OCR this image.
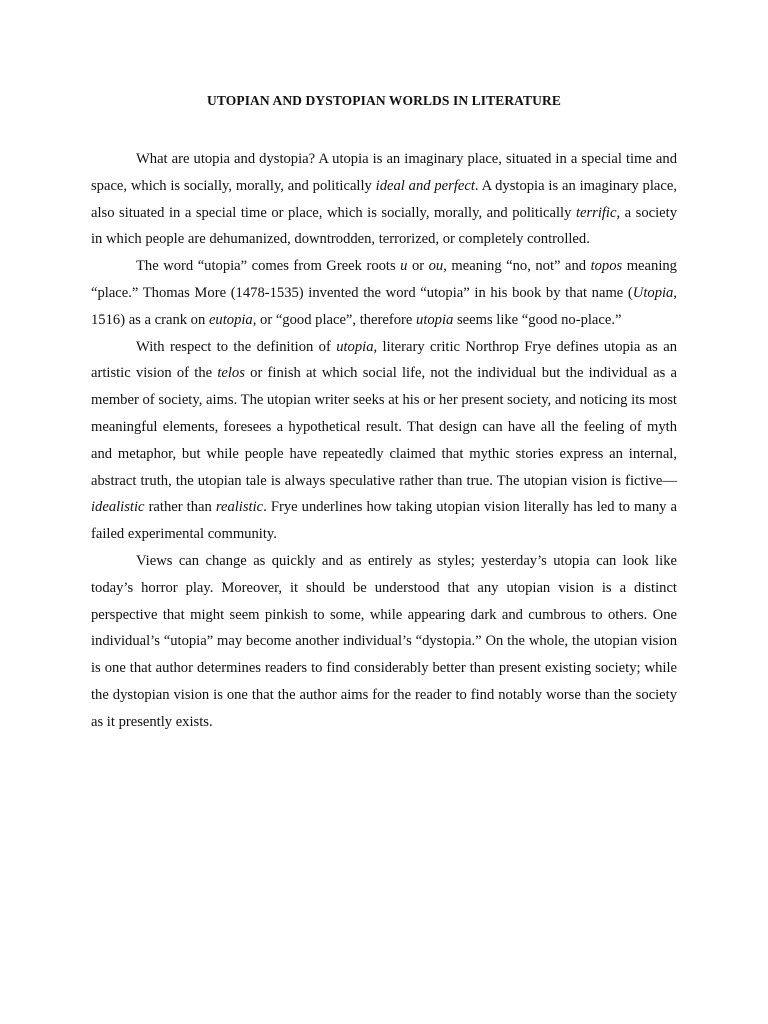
UTOPIAN AND DYSTOPIAN WORLDS IN LITERATURE

What are utopia and dystopia? A utopia is an imaginary place, situated in a special time and space, which is socially, morally, and politically ideal and perfect. A dystopia is an imaginary place, also situated in a special time or place, which is socially, morally, and politically terrific, a society in which people are dehumanized, downtrodden, terrorized, or completely controlled.

The word “utopia” comes from Greek roots u or ou, meaning “no, not” and topos meaning “place.” Thomas More (1478-1535) invented the word “utopia” in his book by that name (Utopia, 1516) as a crank on eutopia, or “good place”, therefore utopia seems like “good no-place.”

With respect to the definition of utopia, literary critic Northrop Frye defines utopia as an artistic vision of the telos or finish at which social life, not the individual but the individual as a member of society, aims. The utopian writer seeks at his or her present society, and noticing its most meaningful elements, foresees a hypothetical result. That design can have all the feeling of myth and metaphor, but while people have repeatedly claimed that mythic stories express an internal, abstract truth, the utopian tale is always speculative rather than true. The utopian vision is fictive—idealistic rather than realistic. Frye underlines how taking utopian vision literally has led to many a failed experimental community.

Views can change as quickly and as entirely as styles; yesterday’s utopia can look like today’s horror play. Moreover, it should be understood that any utopian vision is a distinct perspective that might seem pinkish to some, while appearing dark and cumbrous to others. One individual’s “utopia” may become another individual’s “dystopia.” On the whole, the utopian vision is one that author determines readers to find considerably better than present existing society; while the dystopian vision is one that the author aims for the reader to find notably worse than the society as it presently exists.
